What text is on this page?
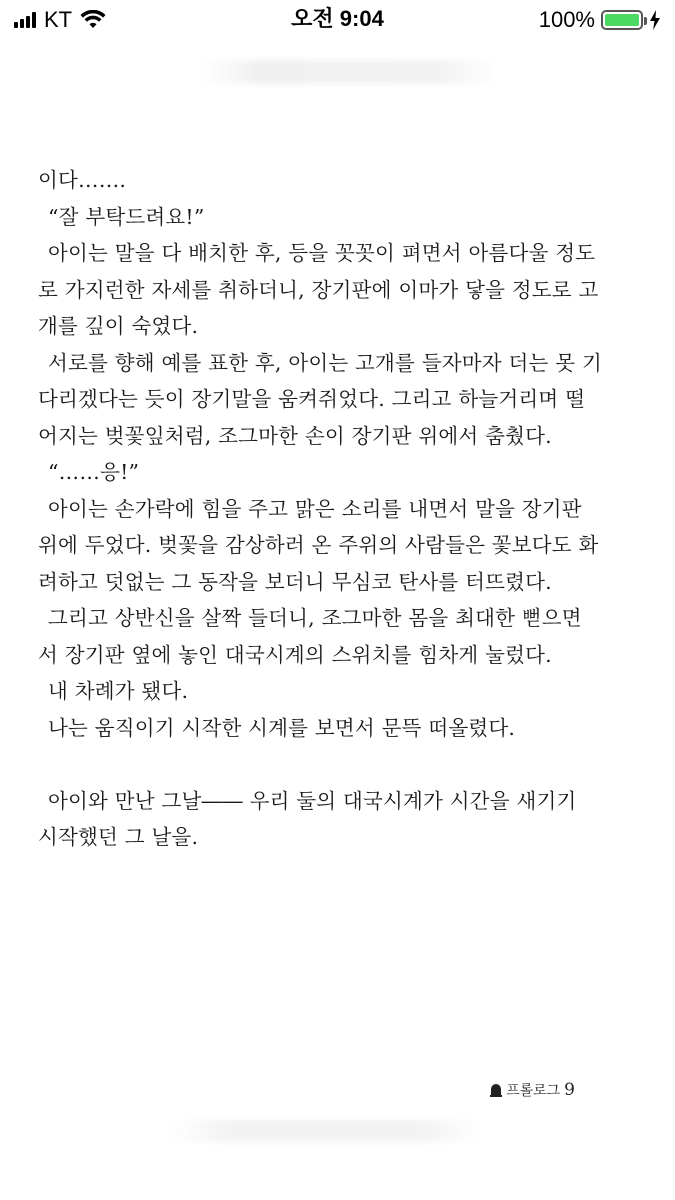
KT	오전 9:04	100%
이다…….
“잘 부탁드려요!”
아이는 말을 다 배치한 후, 등을 꼿꼿이 펴면서 아름다울 정도
로 가지런한 자세를 취하더니, 장기판에 이마가 닿을 정도로 고
개를 깊이 숙였다.
서로를 향해 예를 표한 후, 아이는 고개를 들자마자 더는 못 기
다리겠다는 듯이 장기말을 움켜쥐었다. 그리고 하늘거리며 떨
어지는 벚꽃잎처럼, 조그마한 손이 장기판 위에서 춤췄다.
“……응!”
아이는 손가락에 힘을 주고 맑은 소리를 내면서 말을 장기판
위에 두었다. 벚꽃을 감상하러 온 주위의 사람들은 꽃보다도 화
려하고 덧없는 그 동작을 보더니 무심코 탄사를 터뜨렸다.
그리고 상반신을 살짝 들더니, 조그마한 몸을 최대한 뻗으면
서 장기판 옆에 놓인 대국시계의 스위치를 힘차게 눌렀다.
내 차례가 됐다.
나는 움직이기 시작한 시계를 보면서 문뜩 떠올렸다.
아이와 만난 그날―― 우리 둘의 대국시계가 시간을 새기기
시작했던 그 날을.
프롤로그 9
